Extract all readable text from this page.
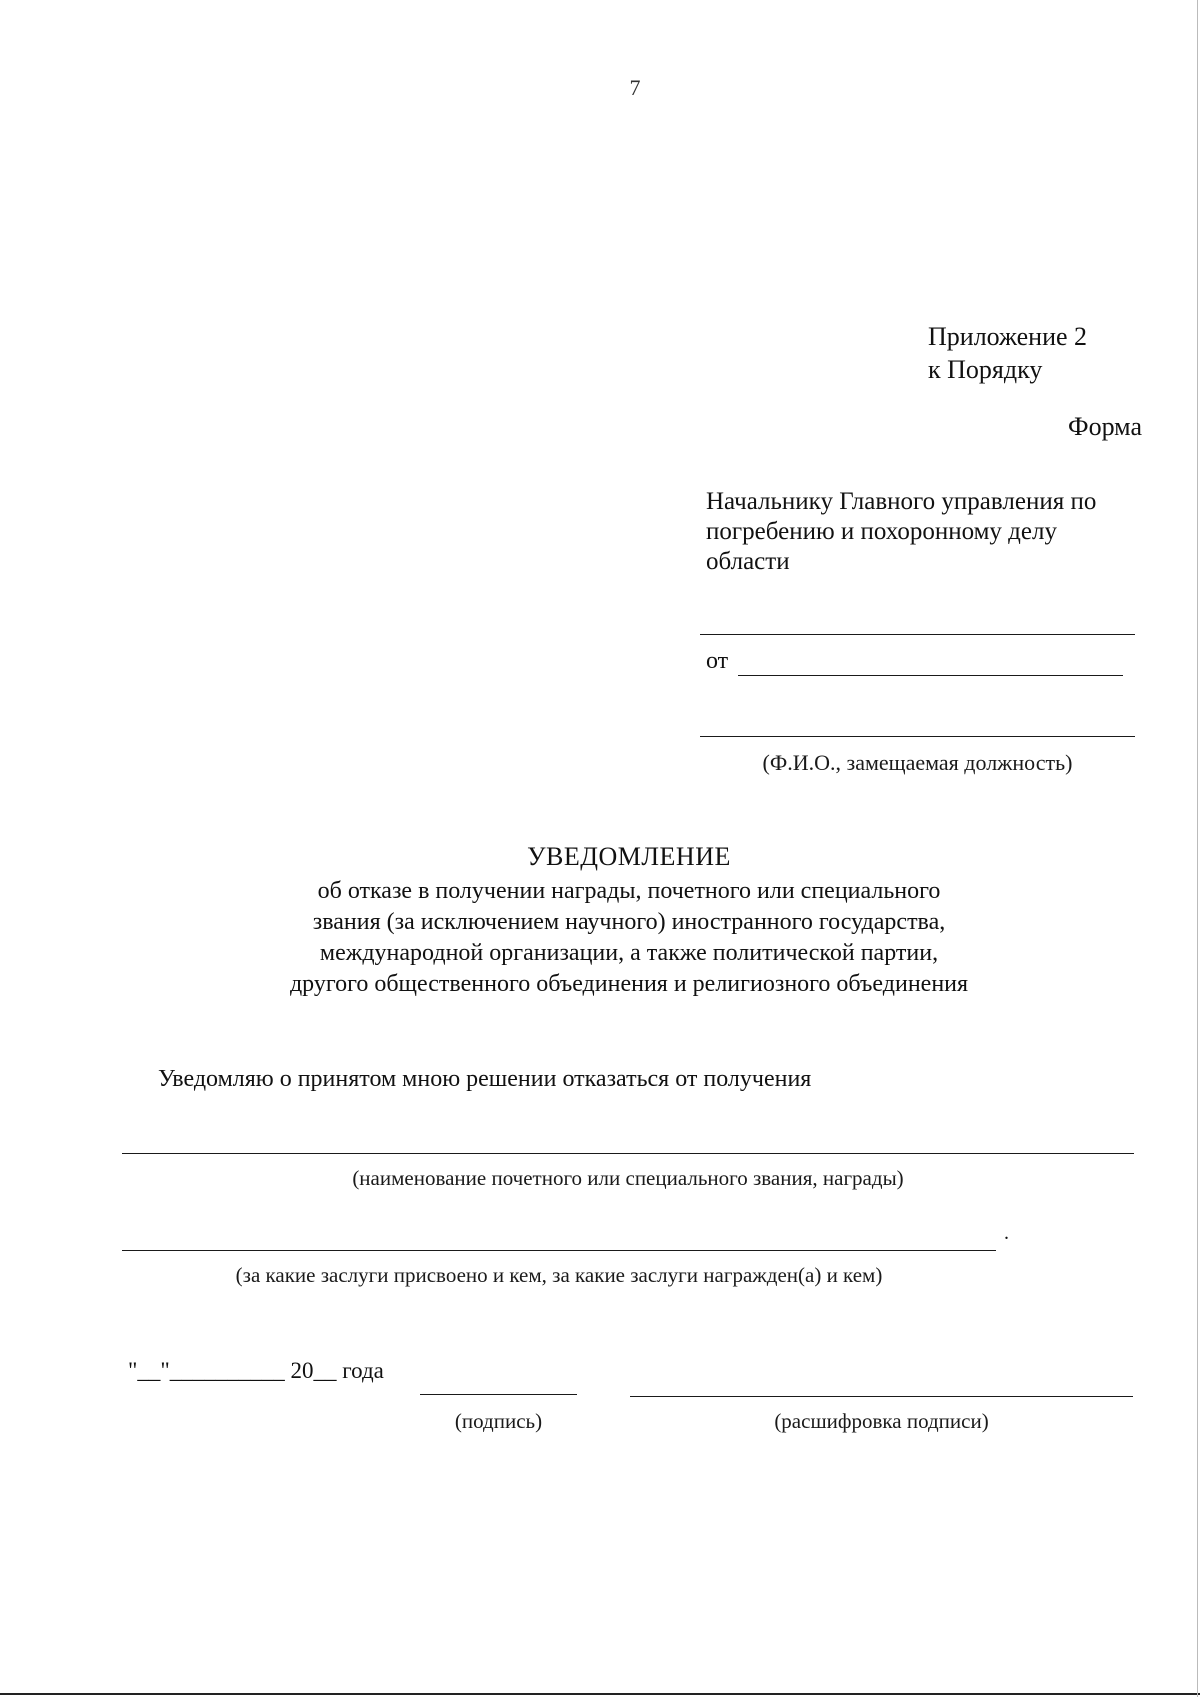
7
Приложение 2
к Порядку
Форма
Начальнику Главного управления по
погребению и похоронному делу
области
от
(Ф.И.О., замещаемая должность)
УВЕДОМЛЕНИЕ
об отказе в получении награды, почетного или специального
звания (за исключением научного) иностранного государства,
международной организации, а также политической партии,
другого общественного объединения и религиозного объединения
Уведомляю о принятом мною решении отказаться от получения
(наименование почетного или специального звания, награды)
.
(за какие заслуги присвоено и кем, за какие заслуги награжден(а) и кем)
"__"__________ 20__ года
(подпись)	(расшифровка подписи)
